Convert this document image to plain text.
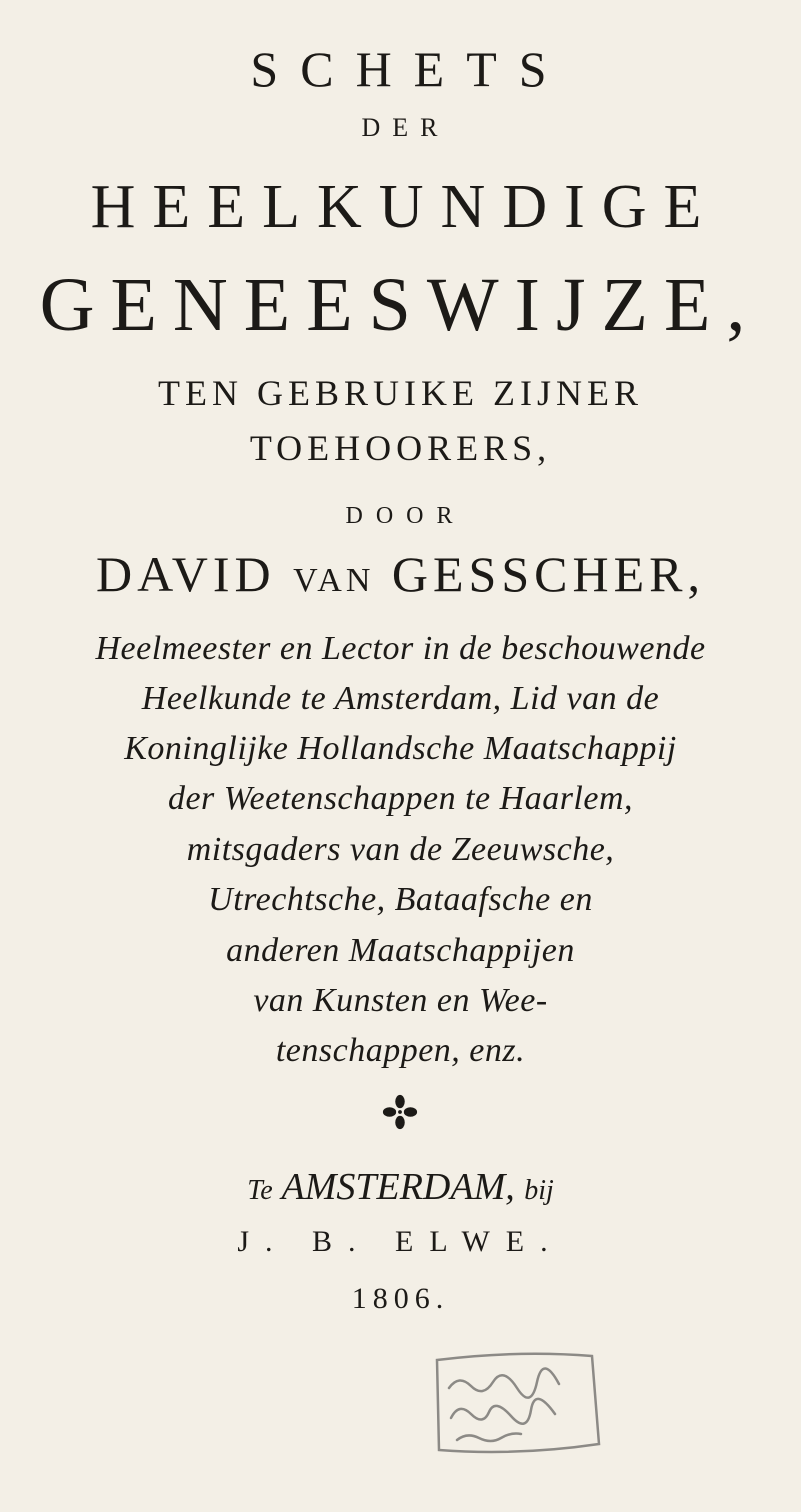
SCHETS
DER
HEELKUNDIGE
GENEESWIJZE,
TEN GEBRUIKE ZIJNER
TOEHOORERS,
DOOR
DAVID VAN GESSCHER,
Heelmeester en Lector in de beschouwende
Heelkunde te Amsterdam, Lid van de
Koninglijke Hollandsche Maatschappij
der Weetenschappen te Haarlem,
mitsgaders van de Zeeuwsche,
Utrechtsche, Bataafsche en
anderen Maatschappijen
van Kunsten en Wee-
tenschappen, enz.
Te AMSTERDAM, bij
J. B. ELWE.
1806.
